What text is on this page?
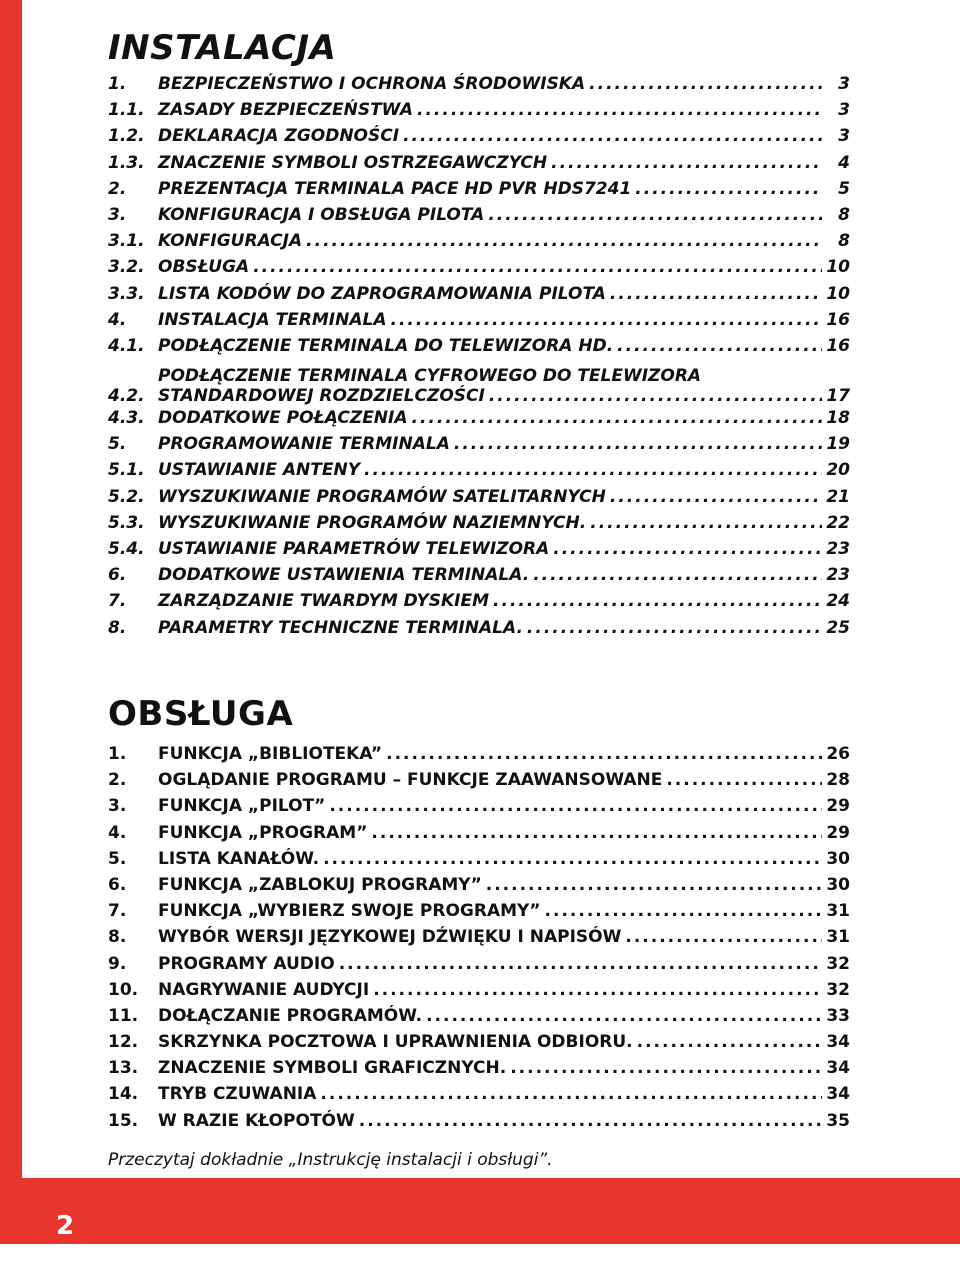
2
INSTALACJA
1.	BEZPIECZEŃSTWO I OCHRONA ŚRODOWISKA .....	3
1.1. ZASADY BEZPIECZEŃSTWA .....	3
1.2. DEKLARACJA ZGODNOŚCI .....	3
1.3. ZNACZENIE SYMBOLI OSTRZEGAWCZYCH .....	4
2.	PREZENTACJA TERMINALA PACE HD PVR HDS7241 .....	5
3.	KONFIGURACJA I OBSŁUGA PILOTA .....	8
3.1. KONFIGURACJA .....	8
3.2. OBSŁUGA .....	10
3.3. LISTA KODÓW DO ZAPROGRAMOWANIA PILOTA .....	10
4.	INSTALACJA TERMINALA .....	16
4.1. PODŁĄCZENIE TERMINALA DO TELEWIZORA HD. .....	16
4.2.
PODŁĄCZENIE TERMINALA CYFROWEGO DO TELEWIZORA
STANDARDOWEJ ROZDZIELCZOŚCI .....	17
4.3. DODATKOWE POŁĄCZENIA .....	18
5.	PROGRAMOWANIE TERMINALA .....	19
5.1. USTAWIANIE ANTENY .....	20
5.2. WYSZUKIWANIE PROGRAMÓW SATELITARNYCH .....	21
5.3. WYSZUKIWANIE PROGRAMÓW NAZIEMNYCH. .....	22
5.4. USTAWIANIE PARAMETRÓW TELEWIZORA .....	23
6.	DODATKOWE USTAWIENIA TERMINALA. .....	23
7.	ZARZĄDZANIE TWARDYM DYSKIEM .....	24
8.	PARAMETRY TECHNICZNE TERMINALA. .....	25
OBSŁUGA
1.	FUNKCJA „BIBLIOTEKA” .....	26
2.	OGLĄDANIE PROGRAMU – FUNKCJE ZAAWANSOWANE .....	28
3.	FUNKCJA „PILOT” .....	29
4.	FUNKCJA „PROGRAM” .....	29
5.	LISTA KANAŁÓW. .....	30
6.	FUNKCJA „ZABLOKUJ PROGRAMY” .....	30
7.	FUNKCJA „WYBIERZ SWOJE PROGRAMY” .....	31
8.	WYBÓR WERSJI JĘZYKOWEJ DŹWIĘKU I NAPISÓW .....	31
9.	PROGRAMY AUDIO .....	32
10.	NAGRYWANIE AUDYCJI .....	32
11.	DOŁĄCZANIE PROGRAMÓW. .....	33
12.	SKRZYNKA POCZTOWA I UPRAWNIENIA ODBIORU. .....	34
13.	ZNACZENIE SYMBOLI GRAFICZNYCH. .....	34
14.	TRYB CZUWANIA .....	34
15.	W RAZIE KŁOPOTÓW .....	35

Przeczytaj dokładnie „Instrukcję instalacji i obsługi”.
